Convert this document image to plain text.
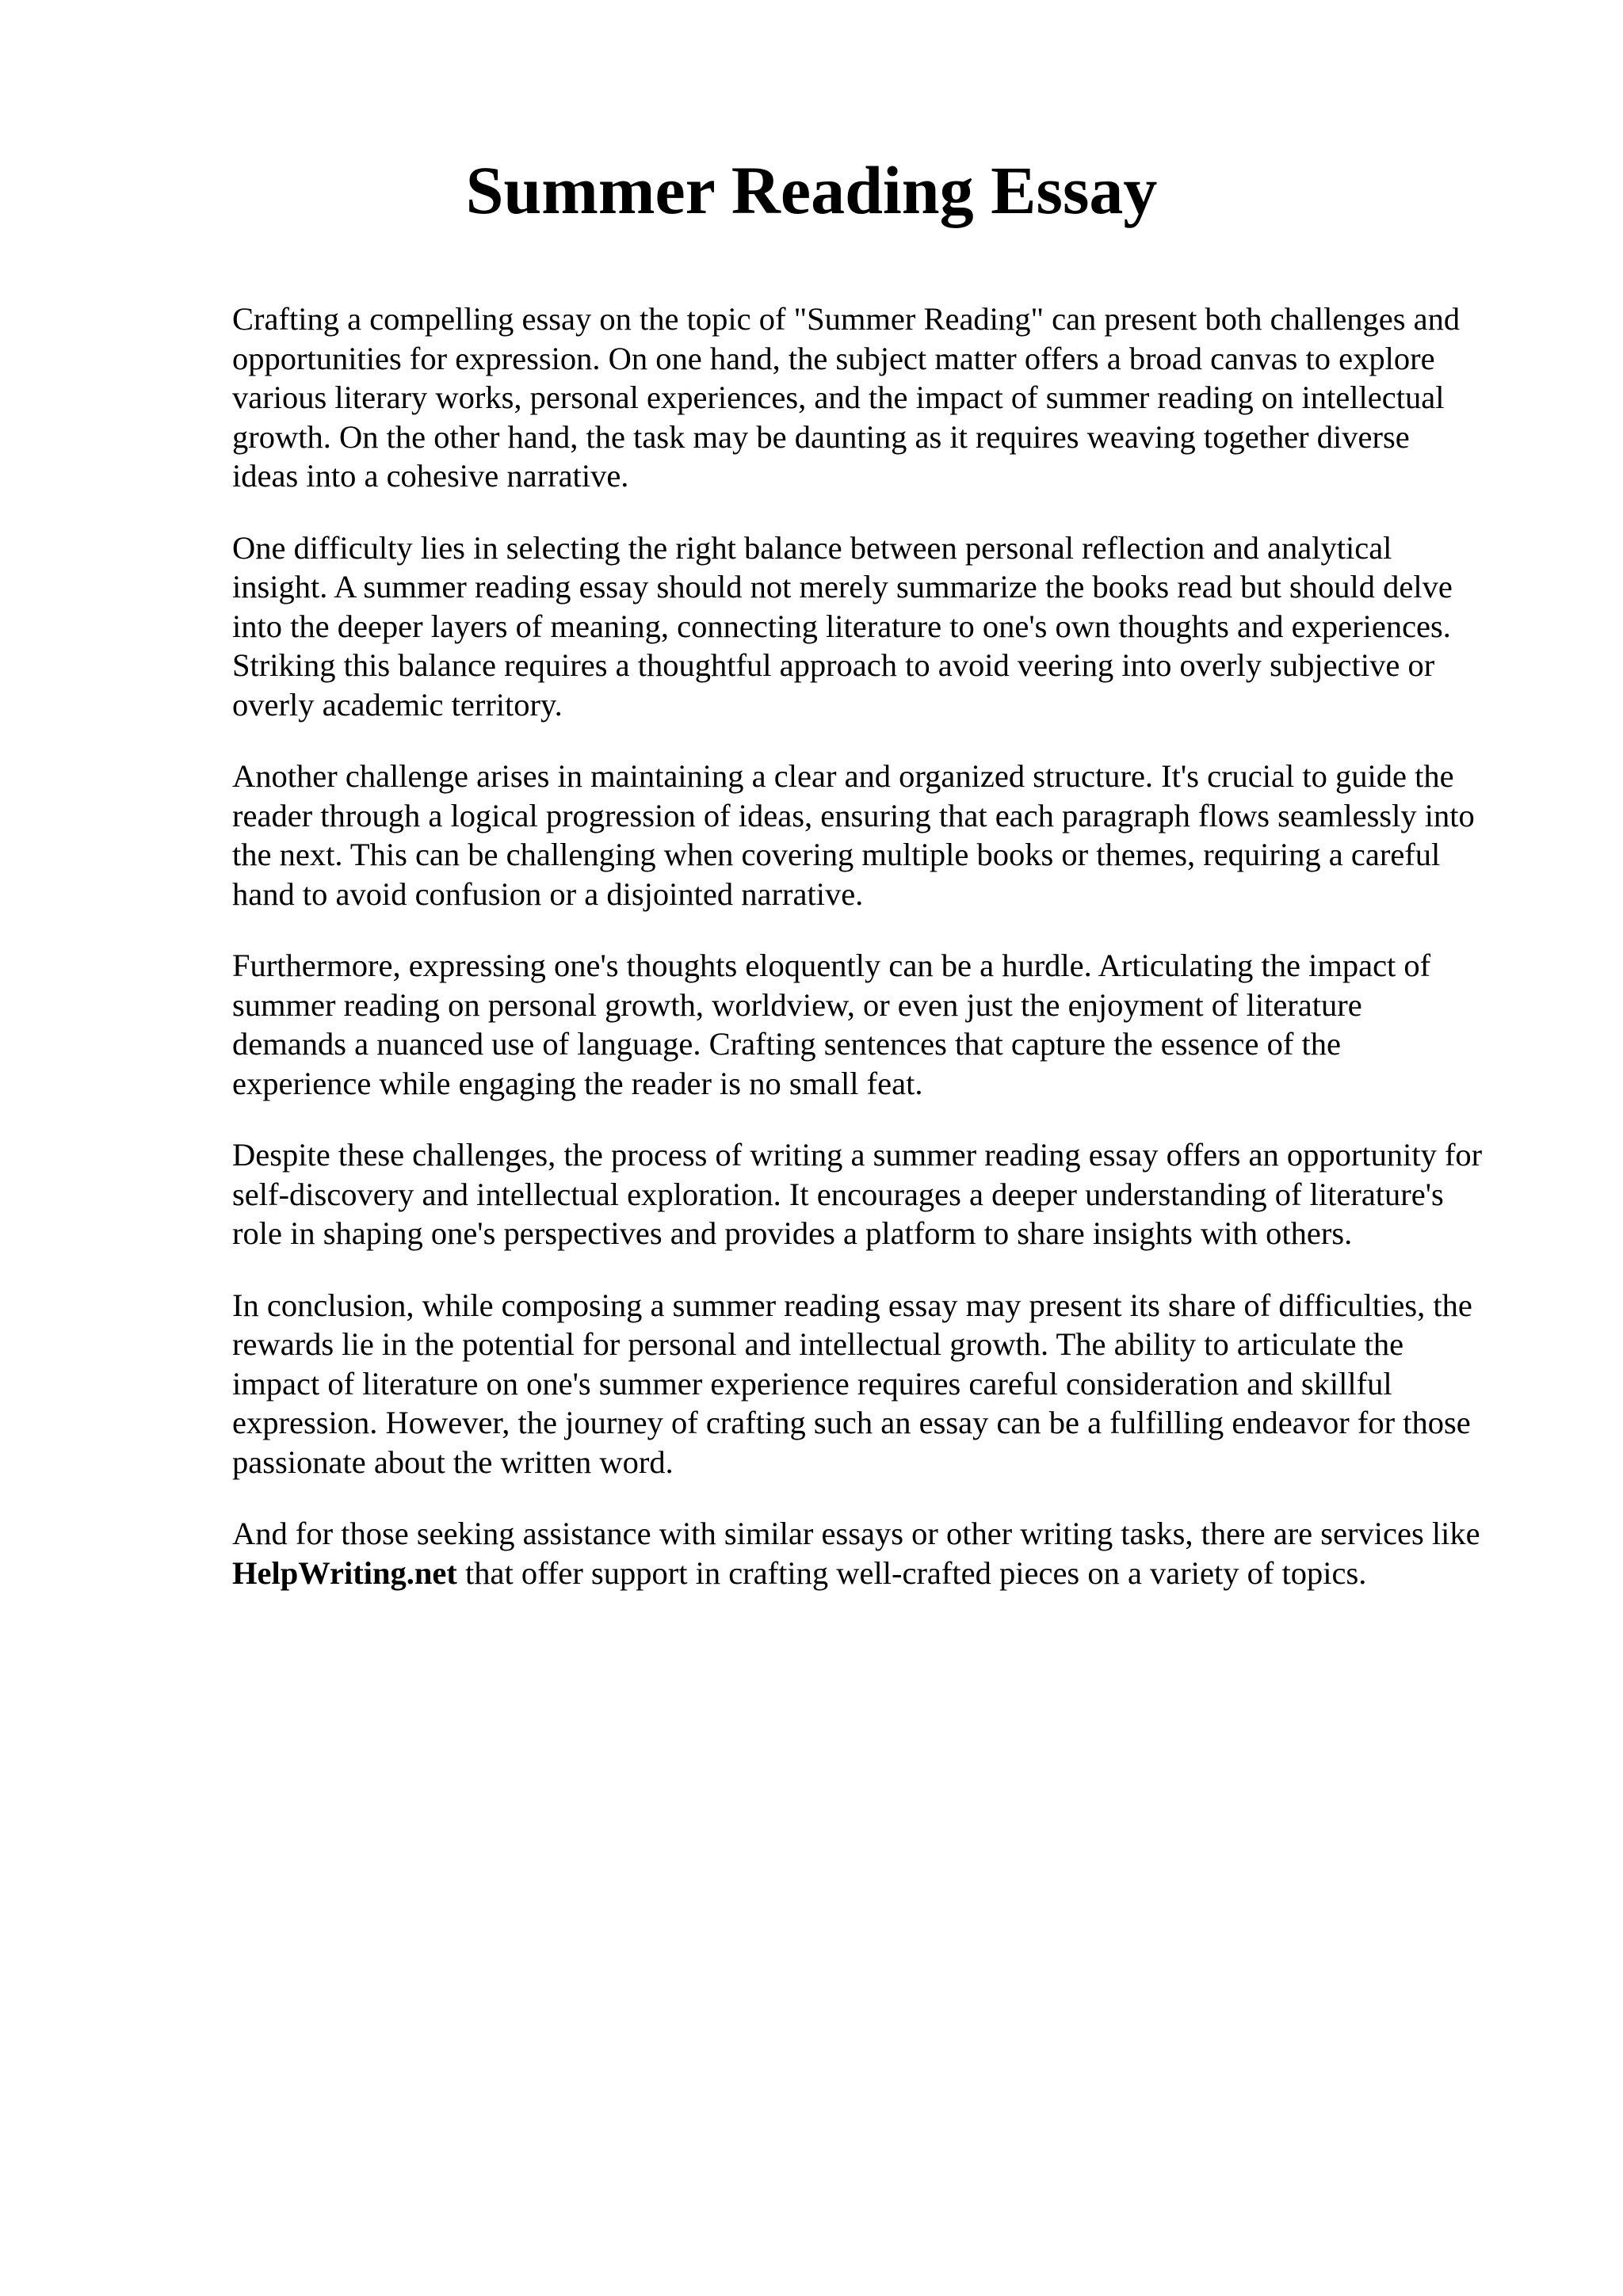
Summer Reading Essay

Crafting a compelling essay on the topic of "Summer Reading" can present both challenges and
opportunities for expression. On one hand, the subject matter offers a broad canvas to explore
various literary works, personal experiences, and the impact of summer reading on intellectual
growth. On the other hand, the task may be daunting as it requires weaving together diverse
ideas into a cohesive narrative.

One difficulty lies in selecting the right balance between personal reflection and analytical
insight. A summer reading essay should not merely summarize the books read but should delve
into the deeper layers of meaning, connecting literature to one's own thoughts and experiences.
Striking this balance requires a thoughtful approach to avoid veering into overly subjective or
overly academic territory.

Another challenge arises in maintaining a clear and organized structure. It's crucial to guide the
reader through a logical progression of ideas, ensuring that each paragraph flows seamlessly into
the next. This can be challenging when covering multiple books or themes, requiring a careful
hand to avoid confusion or a disjointed narrative.

Furthermore, expressing one's thoughts eloquently can be a hurdle. Articulating the impact of
summer reading on personal growth, worldview, or even just the enjoyment of literature
demands a nuanced use of language. Crafting sentences that capture the essence of the
experience while engaging the reader is no small feat.

Despite these challenges, the process of writing a summer reading essay offers an opportunity for
self-discovery and intellectual exploration. It encourages a deeper understanding of literature's
role in shaping one's perspectives and provides a platform to share insights with others.

In conclusion, while composing a summer reading essay may present its share of difficulties, the
rewards lie in the potential for personal and intellectual growth. The ability to articulate the
impact of literature on one's summer experience requires careful consideration and skillful
expression. However, the journey of crafting such an essay can be a fulfilling endeavor for those
passionate about the written word.

And for those seeking assistance with similar essays or other writing tasks, there are services like
HelpWriting.net that offer support in crafting well-crafted pieces on a variety of topics.
